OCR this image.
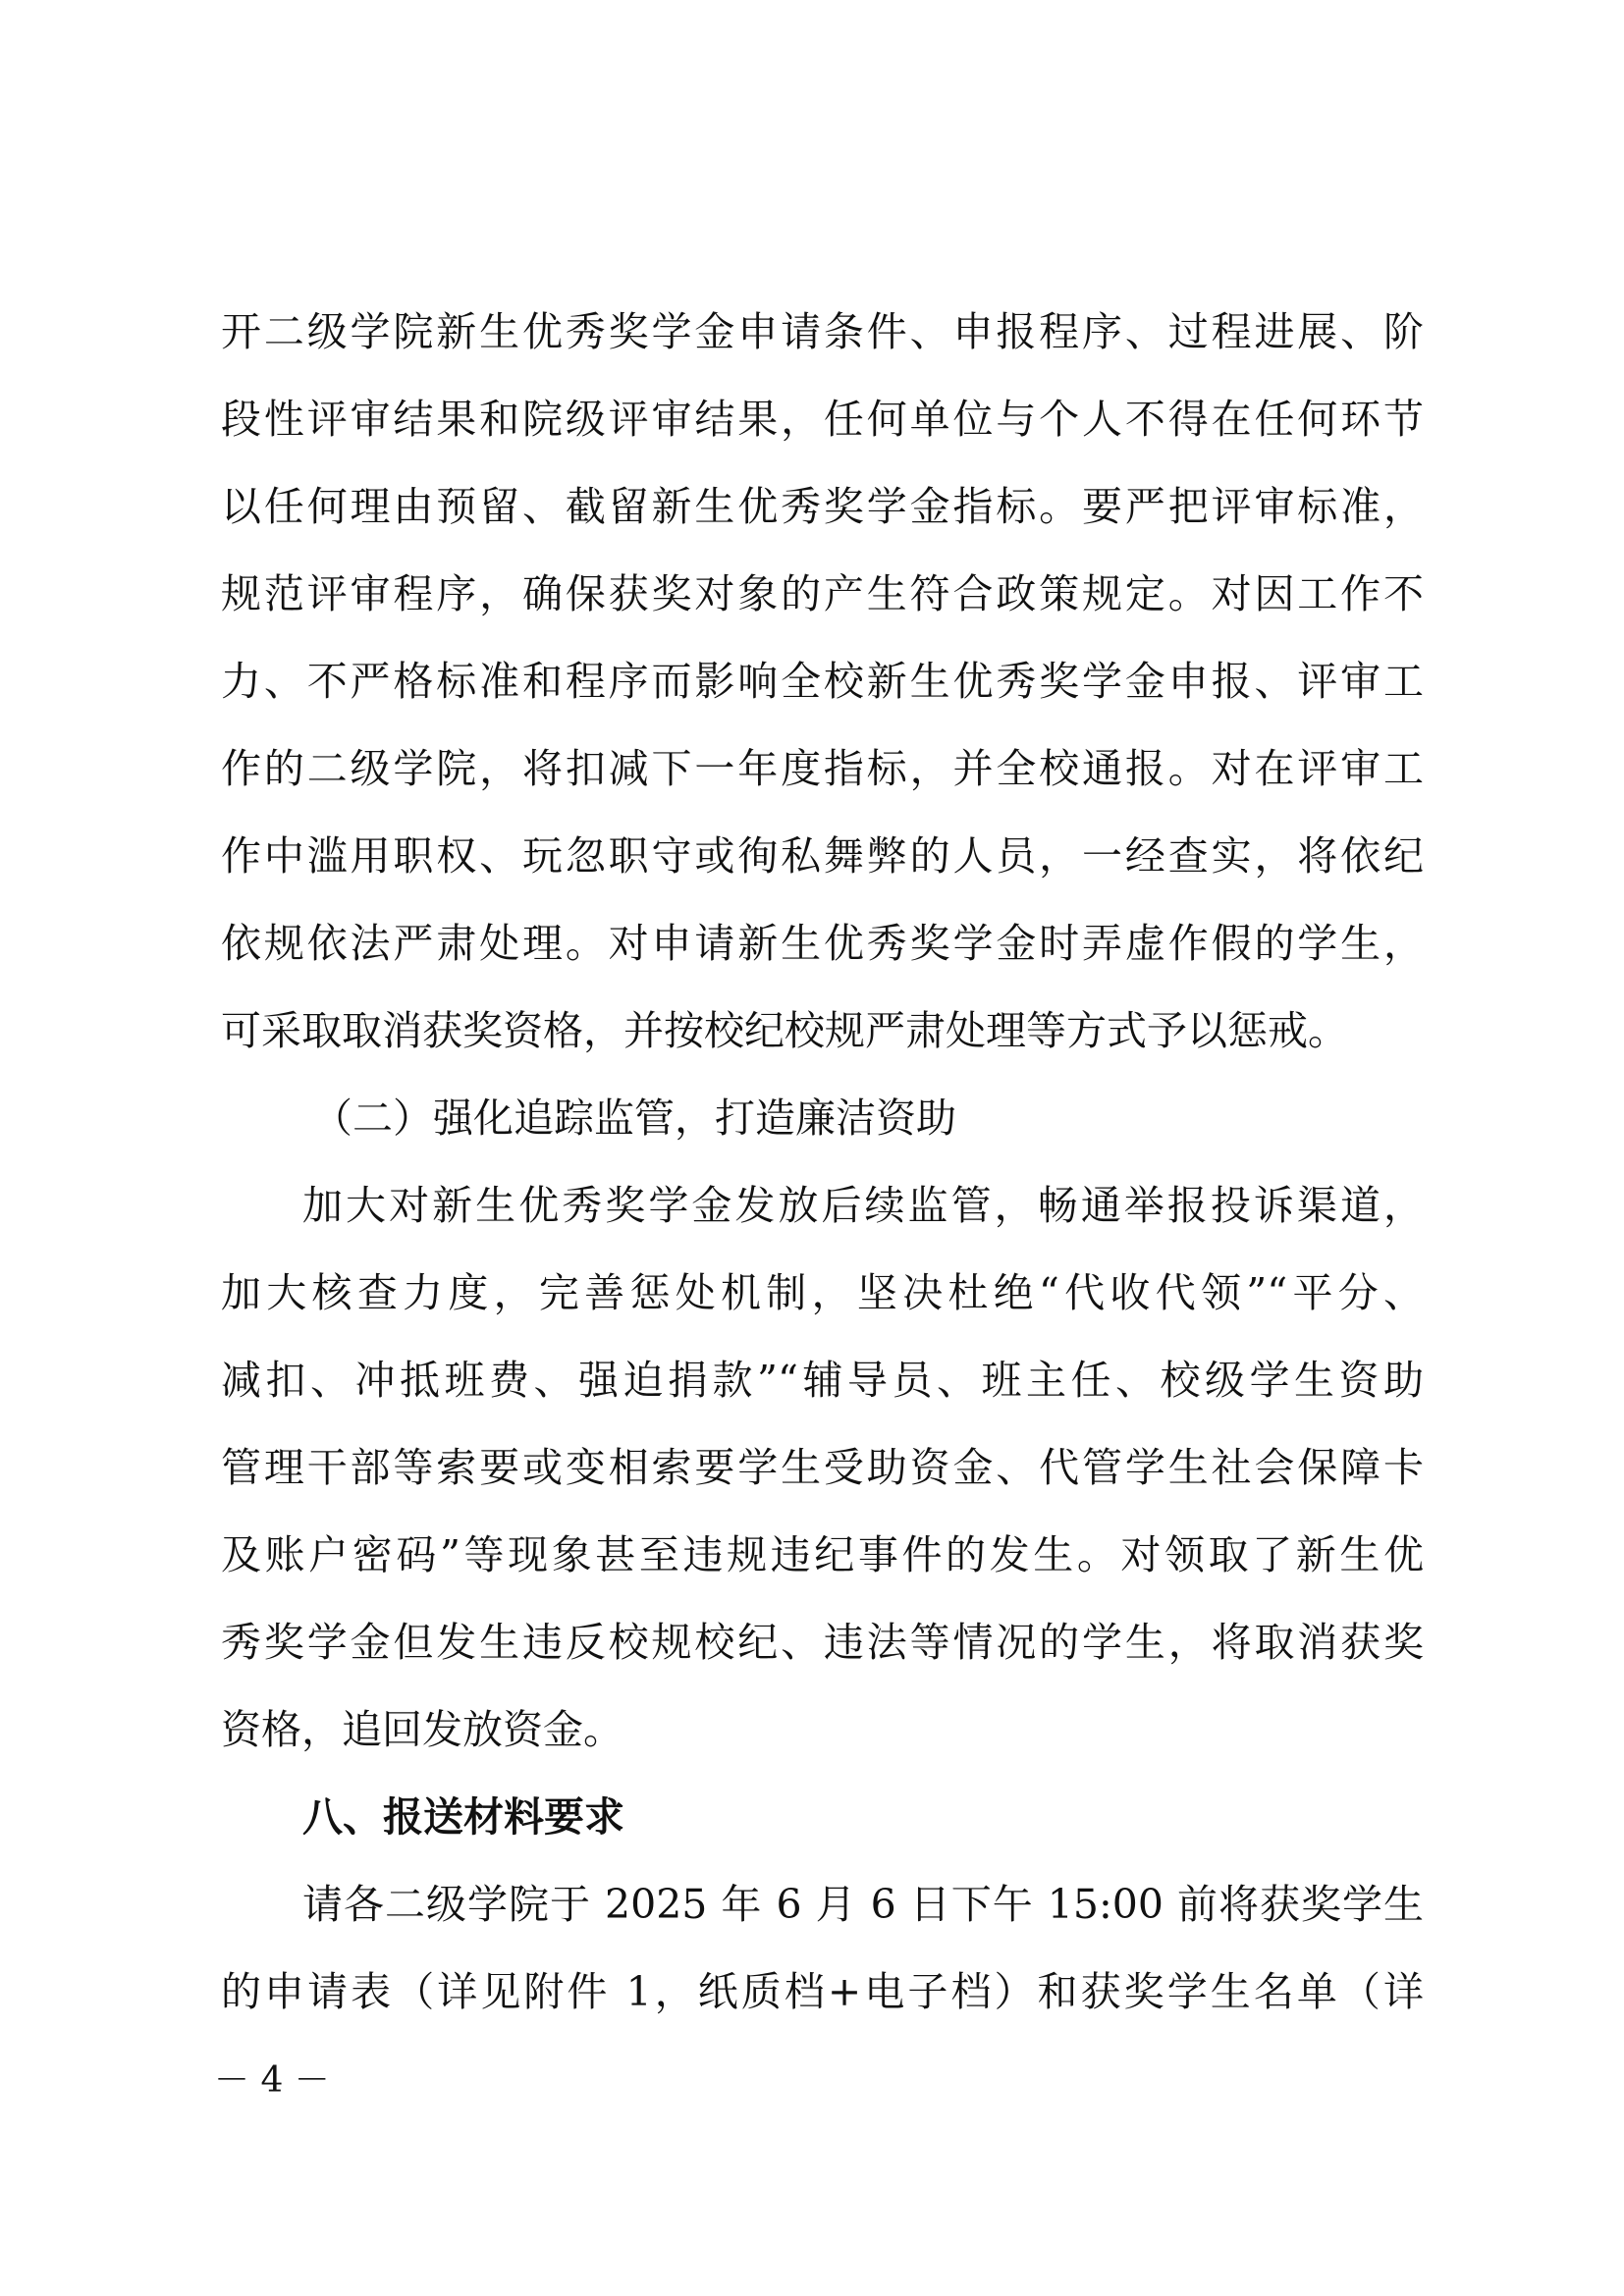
开二级学院新生优秀奖学金申请条件、申报程序、过程进展、阶
段性评审结果和院级评审结果，任何单位与个人不得在任何环节
以任何理由预留、截留新生优秀奖学金指标。要严把评审标准，
规范评审程序，确保获奖对象的产生符合政策规定。对因工作不
力、不严格标准和程序而影响全校新生优秀奖学金申报、评审工
作的二级学院，将扣减下一年度指标，并全校通报。对在评审工
作中滥用职权、玩忽职守或徇私舞弊的人员，一经查实，将依纪
依规依法严肃处理。对申请新生优秀奖学金时弄虚作假的学生，
可采取取消获奖资格，并按校纪校规严肃处理等方式予以惩戒。
（二）强化追踪监管，打造廉洁资助
加大对新生优秀奖学金发放后续监管，畅通举报投诉渠道，
加大核查力度，完善惩处机制，坚决杜绝“代收代领”“平分、
减扣、冲抵班费、强迫捐款”“辅导员、班主任、校级学生资助
管理干部等索要或变相索要学生受助资金、代管学生社会保障卡
及账户密码”等现象甚至违规违纪事件的发生。对领取了新生优
秀奖学金但发生违反校规校纪、违法等情况的学生，将取消获奖
资格，追回发放资金。
八、报送材料要求
请各二级学院于 2025 年 6 月 6 日下午 15:00 前将获奖学生
的申请表（详见附件 1，纸质档+电子档）和获奖学生名单（详
－ 4 －
